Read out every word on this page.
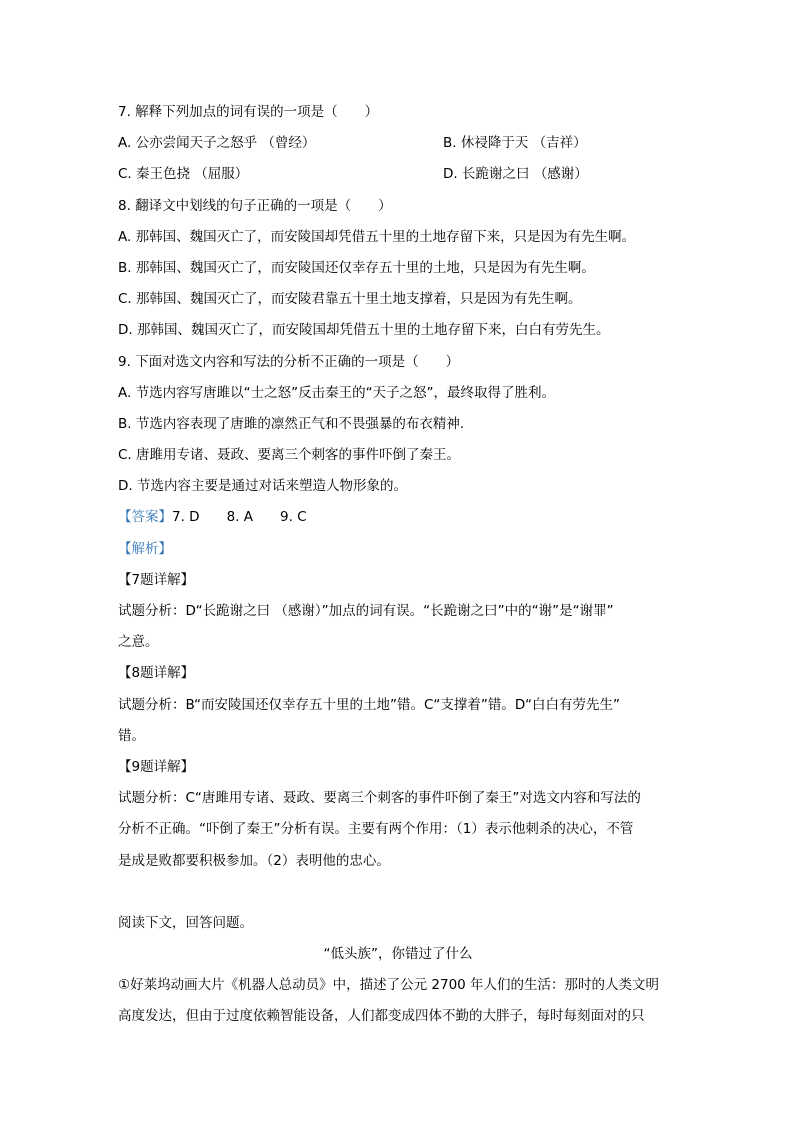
7. 解释下列加点的词有误的一项是（　　）
A. 公亦尝闻天子之怒乎 （曾经）	B. 休祲降于天 （吉祥）
C. 秦王色挠 （屈服）	D. 长跪谢之曰 （感谢）
8. 翻译文中划线的句子正确的一项是（　　）
A. 那韩国、魏国灭亡了，而安陵国却凭借五十里的土地存留下来，只是因为有先生啊。
B. 那韩国、魏国灭亡了，而安陵国还仅幸存五十里的土地，只是因为有先生啊。
C. 那韩国、魏国灭亡了，而安陵君靠五十里土地支撑着，只是因为有先生啊。
D. 那韩国、魏国灭亡了，而安陵国却凭借五十里的土地存留下来，白白有劳先生。
9. 下面对选文内容和写法的分析不正确的一项是（　　）
A. 节选内容写唐雎以“士之怒”反击秦王的“天子之怒”，最终取得了胜利。
B. 节选内容表现了唐雎的凛然正气和不畏强暴的布衣精神.
C. 唐雎用专诸、聂政、要离三个刺客的事件吓倒了秦王。
D. 节选内容主要是通过对话来塑造人物形象的。
【答案】7. D　　8. A　　9. C
【解析】
【7题详解】
试题分析：D“长跪谢之曰 （感谢）”加点的词有误。“长跪谢之曰”中的“谢”是“谢罪”
之意。
【8题详解】
试题分析：B“而安陵国还仅幸存五十里的土地”错。C“支撑着”错。D“白白有劳先生”
错。
【9题详解】
试题分析：C“唐雎用专诸、聂政、要离三个刺客的事件吓倒了秦王”对选文内容和写法的
分析不正确。“吓倒了秦王”分析有误。主要有两个作用：（1）表示他刺杀的决心，不管
是成是败都要积极参加。（2）表明他的忠心。
阅读下文，回答问题。
“低头族”，你错过了什么
①好莱坞动画大片《机器人总动员》中，描述了公元 2700 年人们的生活：那时的人类文明
高度发达，但由于过度依赖智能设备，人们都变成四体不勤的大胖子，每时每刻面对的只
